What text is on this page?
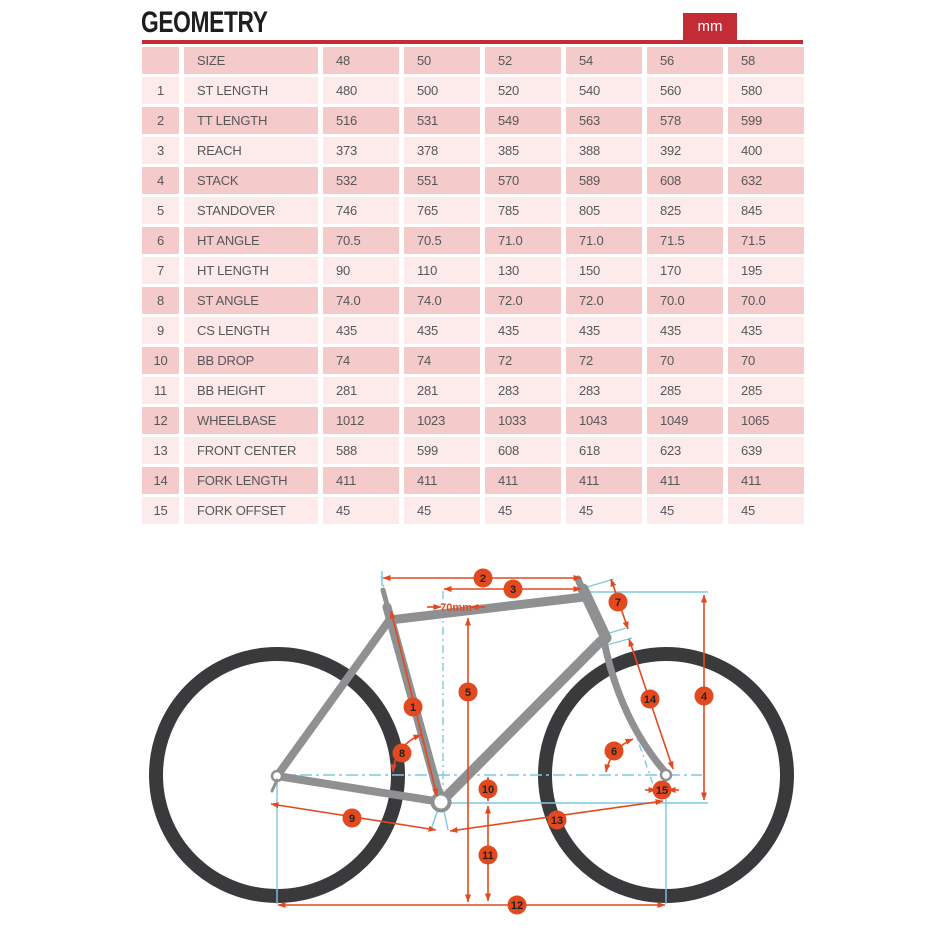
GEOMETRY	mm
SIZE	48	50	52	54	56	58
1	ST LENGTH	480	500	520	540	560	580
2	TT LENGTH	516	531	549	563	578	599
3	REACH	373	378	385	388	392	400
4	STACK	532	551	570	589	608	632
5	STANDOVER	746	765	785	805	825	845
6	HT ANGLE	70.5	70.5	71.0	71.0	71.5	71.5
7	HT LENGTH	90	110	130	150	170	195
8	ST ANGLE	74.0	74.0	72.0	72.0	70.0	70.0
9	CS LENGTH	435	435	435	435	435	435
10	BB DROP	74	74	72	72	70	70
11	BB HEIGHT	281	281	283	283	285	285
12	WHEELBASE	1012	1023	1033	1043	1049	1065
13	FRONT CENTER	588	599	608	618	623	639
14	FORK LENGTH	411	411	411	411	411	411
15	FORK OFFSET	45	45	45	45	45	45
70mm
1
2
3
4
5
6
7
8
9
10
11
12
13
14
15
